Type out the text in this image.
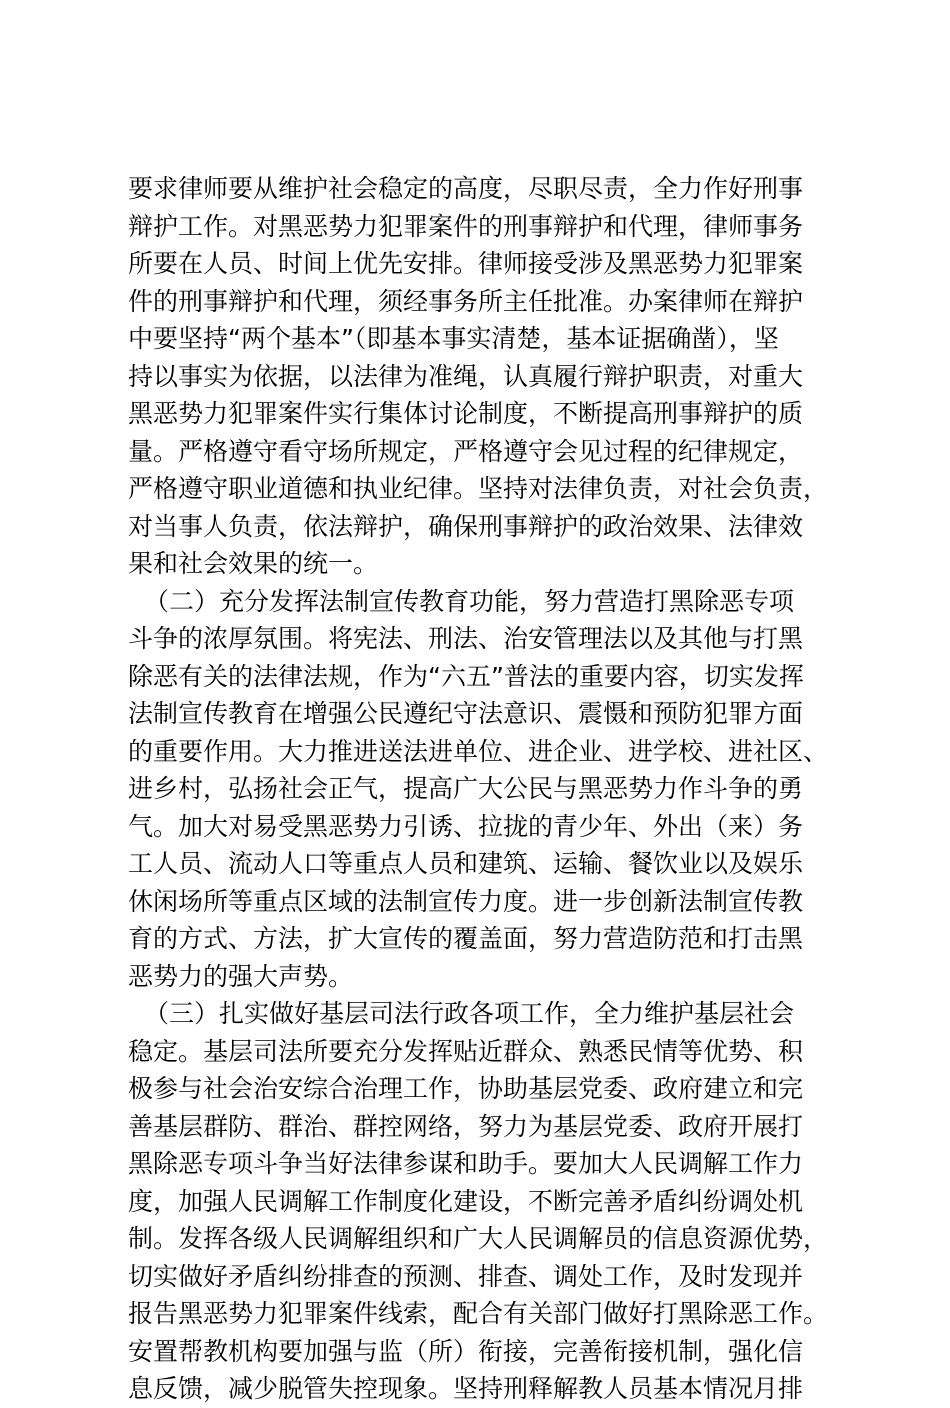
要求律师要从维护社会稳定的高度，尽职尽责，全力作好刑事
辩护工作。对黑恶势力犯罪案件的刑事辩护和代理，律师事务
所要在人员、时间上优先安排。律师接受涉及黑恶势力犯罪案
件的刑事辩护和代理，须经事务所主任批准。办案律师在辩护
中要坚持“两个基本”（即基本事实清楚，基本证据确凿），坚
持以事实为依据，以法律为准绳，认真履行辩护职责，对重大
黑恶势力犯罪案件实行集体讨论制度，不断提高刑事辩护的质
量。严格遵守看守场所规定，严格遵守会见过程的纪律规定，
严格遵守职业道德和执业纪律。坚持对法律负责，对社会负责，
对当事人负责，依法辩护，确保刑事辩护的政治效果、法律效
果和社会效果的统一。
（二）充分发挥法制宣传教育功能，努力营造打黑除恶专项
斗争的浓厚氛围。将宪法、刑法、治安管理法以及其他与打黑
除恶有关的法律法规，作为“六五”普法的重要内容，切实发挥
法制宣传教育在增强公民遵纪守法意识、震慑和预防犯罪方面
的重要作用。大力推进送法进单位、进企业、进学校、进社区、
进乡村，弘扬社会正气，提高广大公民与黑恶势力作斗争的勇
气。加大对易受黑恶势力引诱、拉拢的青少年、外出（来）务
工人员、流动人口等重点人员和建筑、运输、餐饮业以及娱乐
休闲场所等重点区域的法制宣传力度。进一步创新法制宣传教
育的方式、方法，扩大宣传的覆盖面，努力营造防范和打击黑
恶势力的强大声势。
（三）扎实做好基层司法行政各项工作，全力维护基层社会
稳定。基层司法所要充分发挥贴近群众、熟悉民情等优势、积
极参与社会治安综合治理工作，协助基层党委、政府建立和完
善基层群防、群治、群控网络，努力为基层党委、政府开展打
黑除恶专项斗争当好法律参谋和助手。要加大人民调解工作力
度，加强人民调解工作制度化建设，不断完善矛盾纠纷调处机
制。发挥各级人民调解组织和广大人民调解员的信息资源优势，
切实做好矛盾纠纷排查的预测、排查、调处工作，及时发现并
报告黑恶势力犯罪案件线索，配合有关部门做好打黑除恶工作。
安置帮教机构要加强与监（所）衔接，完善衔接机制，强化信
息反馈，减少脱管失控现象。坚持刑释解教人员基本情况月排
